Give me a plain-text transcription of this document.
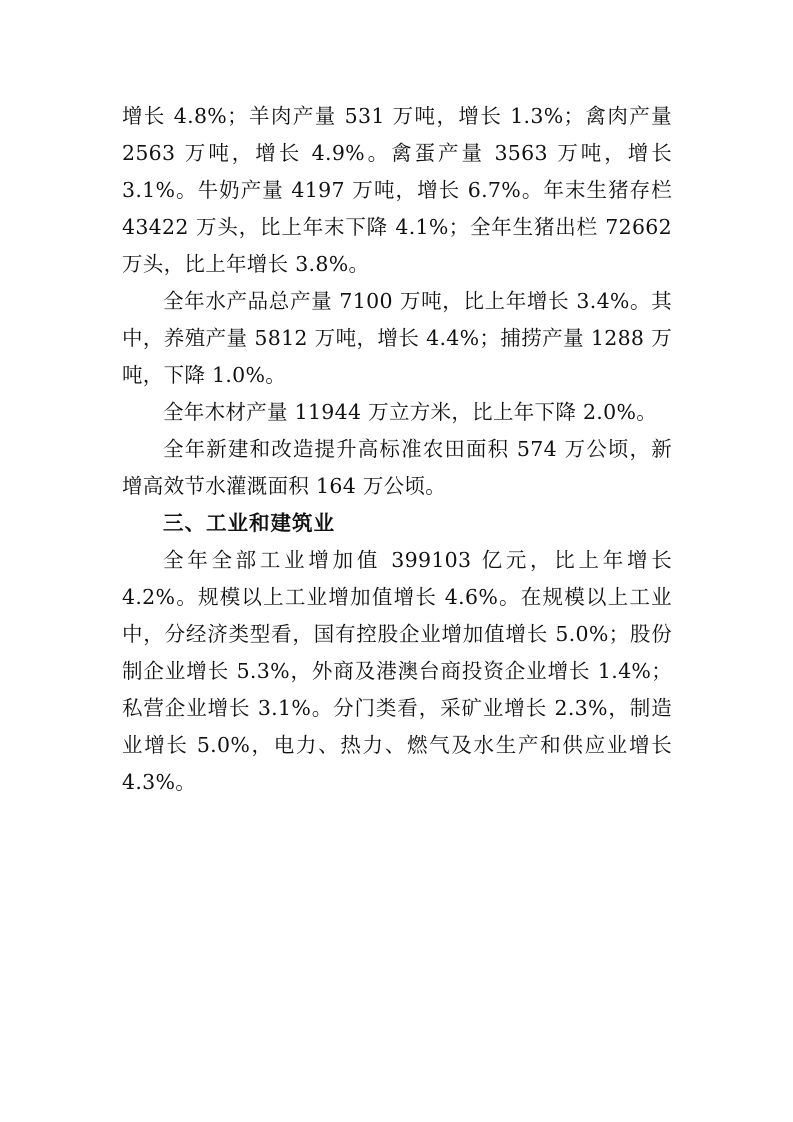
增长 4.8%；羊肉产量 531 万吨，增长 1.3%；禽肉产量 2563 万吨，增长 4.9%。禽蛋产量 3563 万吨，增长 3.1%。牛奶产量 4197 万吨，增长 6.7%。年末生猪存栏 43422 万头，比上年末下降 4.1%；全年生猪出栏 72662 万头，比上年增长 3.8%。

全年水产品总产量 7100 万吨，比上年增长 3.4%。其中，养殖产量 5812 万吨，增长 4.4%；捕捞产量 1288 万吨，下降 1.0%。

全年木材产量 11944 万立方米，比上年下降 2.0%。

全年新建和改造提升高标准农田面积 574 万公顷，新增高效节水灌溉面积 164 万公顷。

三、工业和建筑业

全年全部工业增加值 399103 亿元，比上年增长 4.2%。规模以上工业增加值增长 4.6%。在规模以上工业中，分经济类型看，国有控股企业增加值增长 5.0%；股份制企业增长 5.3%，外商及港澳台商投资企业增长 1.4%；私营企业增长 3.1%。分门类看，采矿业增长 2.3%，制造业增长 5.0%，电力、热力、燃气及水生产和供应业增长 4.3%。
